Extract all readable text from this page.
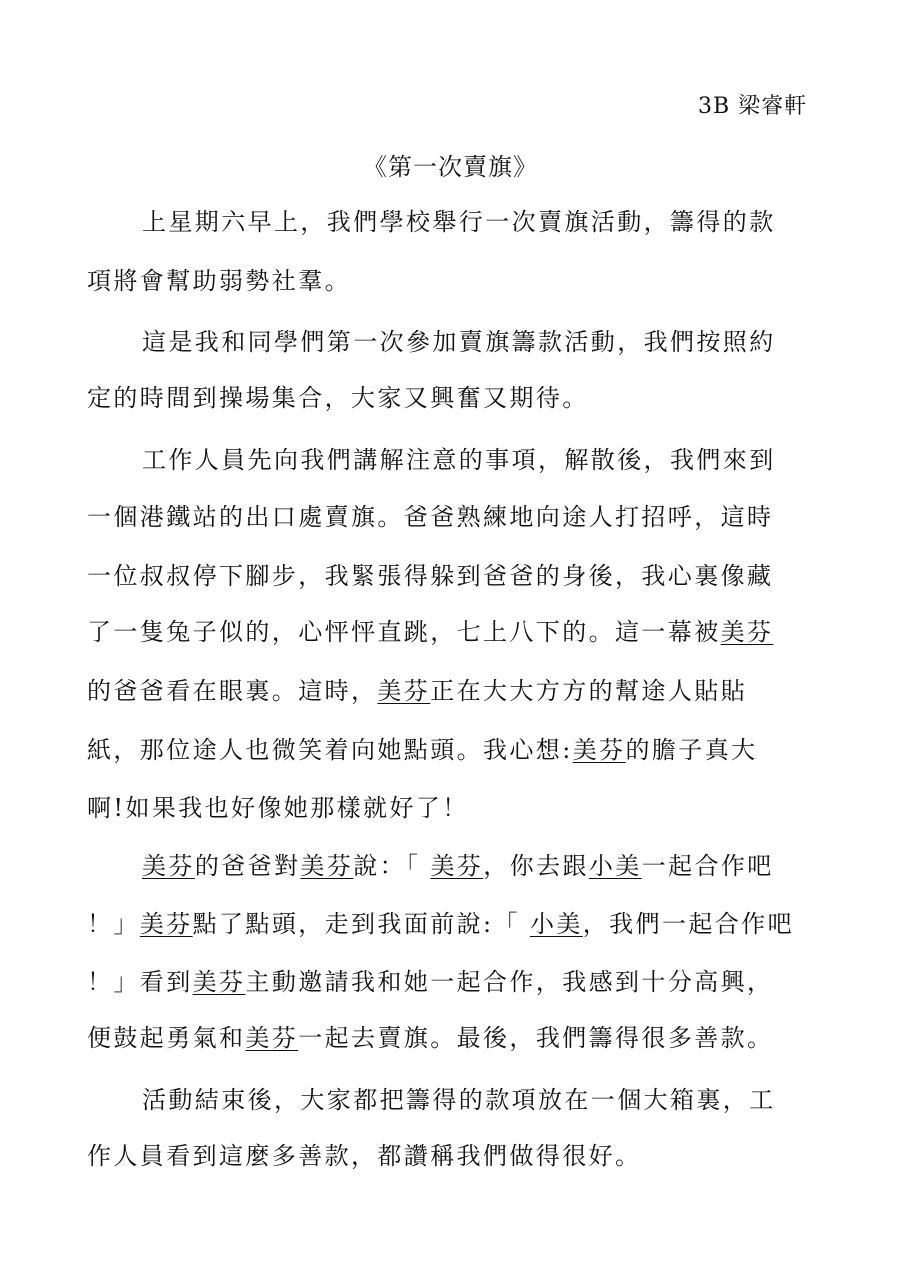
3B 梁睿軒
《第一次賣旗》
上星期六早上，我們學校舉行一次賣旗活動，籌得的款
項將會幫助弱勢社羣。
這是我和同學們第一次參加賣旗籌款活動，我們按照約
定的時間到操場集合，大家又興奮又期待。
工作人員先向我們講解注意的事項，解散後，我們來到
一個港鐵站的出口處賣旗。爸爸熟練地向途人打招呼，這時
一位叔叔停下腳步，我緊張得躲到爸爸的身後，我心裏像藏
了一隻兔子似的，心怦怦直跳，七上八下的。這一幕被美芬
的爸爸看在眼裏。這時，美芬正在大大方方的幫途人貼貼
紙，那位途人也微笑着向她點頭。我心想:美芬的膽子真大
啊!如果我也好像她那樣就好了！
美芬的爸爸對美芬說：「 美芬，你去跟小美一起合作吧
！」美芬點了點頭，走到我面前說:「 小美，我們一起合作吧
！」看到美芬主動邀請我和她一起合作，我感到十分高興，
便鼓起勇氣和美芬一起去賣旗。最後，我們籌得很多善款。
活動結束後，大家都把籌得的款項放在一個大箱裏，工
作人員看到這麼多善款，都讚稱我們做得很好。
